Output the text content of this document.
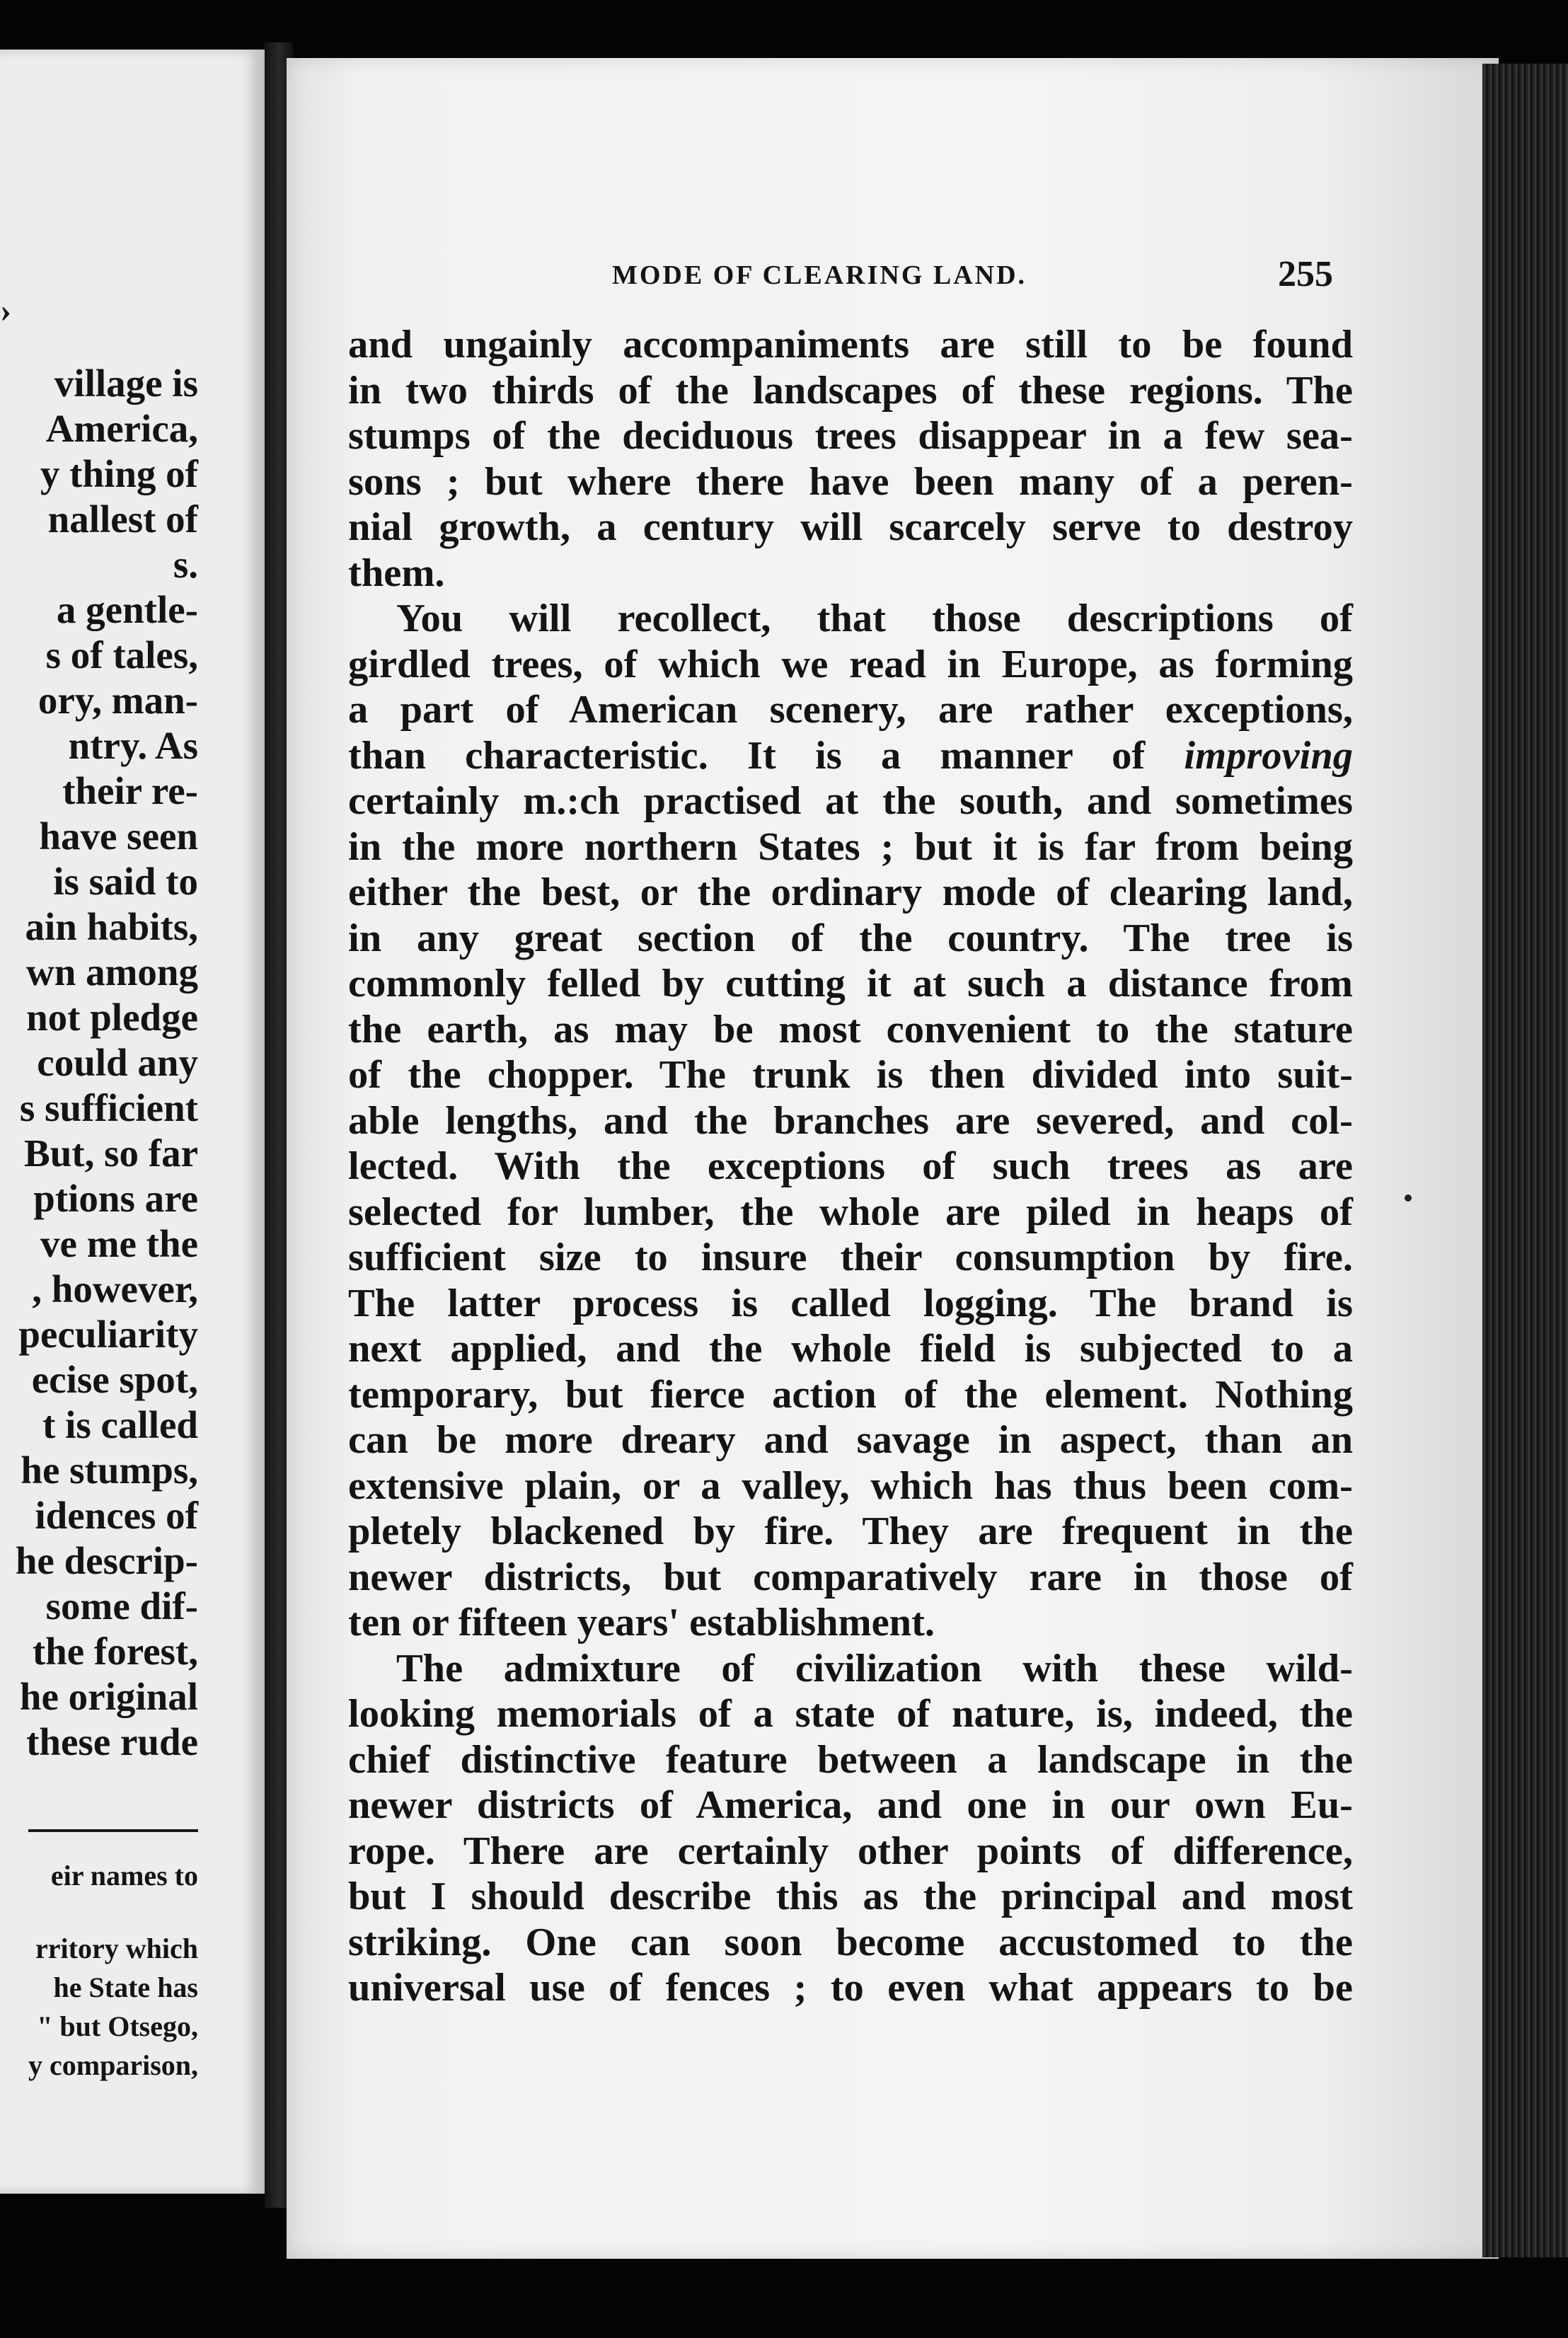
›
village is
America,
y thing of
nallest of
s.
a gentle-
s of tales,
ory, man-
ntry. As
their re-
have seen
is said to
ain habits,
wn among
not pledge
could any
s sufficient
But, so far
ptions are
ve me the
, however,
peculiarity
ecise spot,
t is called
he stumps,
idences of
he descrip-
some dif-
the forest,
he original
these rude
eir names to
rritory which
he State has
" but Otsego,
y comparison,
MODE OF CLEARING LAND.	255
and ungainly accompaniments are still to be found
in two thirds of the landscapes of these regions. The
stumps of the deciduous trees disappear in a few sea-
sons ; but where there have been many of a peren-
nial growth, a century will scarcely serve to destroy
them.
You will recollect, that those descriptions of
girdled trees, of which we read in Europe, as forming
a part of American scenery, are rather exceptions,
than characteristic. It is a manner of improving
certainly m.:ch practised at the south, and sometimes
in the more northern States ; but it is far from being
either the best, or the ordinary mode of clearing land,
in any great section of the country. The tree is
commonly felled by cutting it at such a distance from
the earth, as may be most convenient to the stature
of the chopper. The trunk is then divided into suit-
able lengths, and the branches are severed, and col-
lected. With the exceptions of such trees as are
selected for lumber, the whole are piled in heaps of
sufficient size to insure their consumption by fire.
The latter process is called logging. The brand is
next applied, and the whole field is subjected to a
temporary, but fierce action of the element. Nothing
can be more dreary and savage in aspect, than an
extensive plain, or a valley, which has thus been com-
pletely blackened by fire. They are frequent in the
newer districts, but comparatively rare in those of
ten or fifteen years' establishment.
The admixture of civilization with these wild-
looking memorials of a state of nature, is, indeed, the
chief distinctive feature between a landscape in the
newer districts of America, and one in our own Eu-
rope. There are certainly other points of difference,
but I should describe this as the principal and most
striking. One can soon become accustomed to the
universal use of fences ; to even what appears to be
